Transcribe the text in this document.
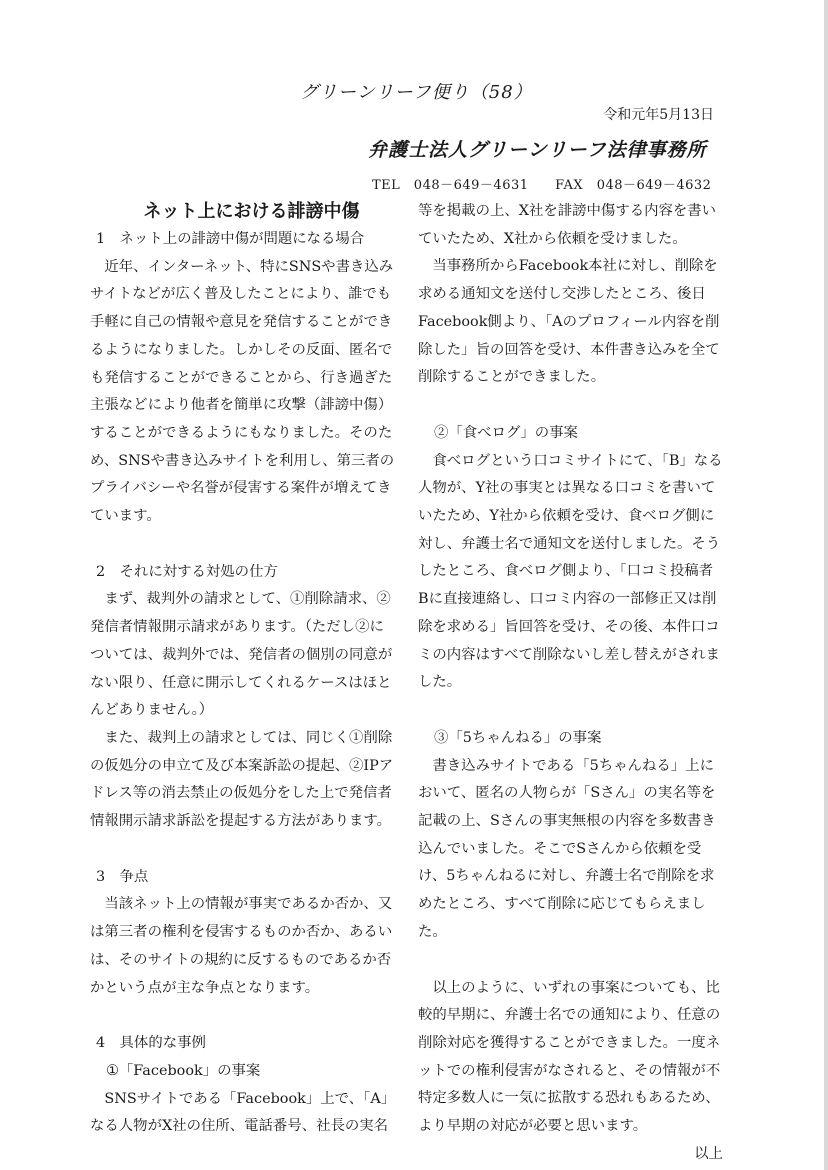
グリーンリーフ便り（58）
令和元年5月13日
弁護士法人グリーンリーフ法律事務所
TEL　048－649－4631 FAX　048－649－4632
ネット上における誹謗中傷
1　ネット上の誹謗中傷が問題になる場合

近年、インターネット、特にSNSや書き込みサイトなどが広く普及したことにより、誰でも手軽に自己の情報や意見を発信することができるようになりました。しかしその反面、匿名でも発信することができることから、行き過ぎた主張などにより他者を簡単に攻撃（誹謗中傷）することができるようにもなりました。そのため、SNSや書き込みサイトを利用し、第三者のプライバシーや名誉が侵害する案件が増えてきています。

2　それに対する対処の仕方

まず、裁判外の請求として、①削除請求、②発信者情報開示請求があります。（ただし②については、裁判外では、発信者の個別の同意がない限り、任意に開示してくれるケースはほとんどありません。）

また、裁判上の請求としては、同じく①削除の仮処分の申立て及び本案訴訟の提起、②IPアドレス等の消去禁止の仮処分をした上で発信者情報開示請求訴訟を提起する方法があります。

3　争点

当該ネット上の情報が事実であるか否か、又は第三者の権利を侵害するものか否か、あるいは、そのサイトの規約に反するものであるか否かという点が主な争点となります。

4　具体的な事例
①「Facebook」の事案

SNSサイトである「Facebook」上で、「A」なる人物がX社の住所、電話番号、社長の実名

等を掲載の上、X社を誹謗中傷する内容を書いていたため、X社から依頼を受けました。

当事務所からFacebook本社に対し、削除を求める通知文を送付し交渉したところ、後日Facebook側より、「Aのプロフィール内容を削除した」旨の回答を受け、本件書き込みを全て削除することができました。

②「食べログ」の事案

食べログという口コミサイトにて、「B」なる人物が、Y社の事実とは異なる口コミを書いていたため、Y社から依頼を受け、食べログ側に対し、弁護士名で通知文を送付しました。そうしたところ、食べログ側より、「口コミ投稿者Bに直接連絡し、口コミ内容の一部修正又は削除を求める」旨回答を受け、その後、本件口コミの内容はすべて削除ないし差し替えがされました。

③「5ちゃんねる」の事案

書き込みサイトである「5ちゃんねる」上において、匿名の人物らが「Sさん」の実名等を記載の上、Sさんの事実無根の内容を多数書き込んでいました。そこでSさんから依頼を受け、5ちゃんねるに対し、弁護士名で削除を求めたところ、すべて削除に応じてもらえました。

以上のように、いずれの事案についても、比較的早期に、弁護士名での通知により、任意の削除対応を獲得することができました。一度ネットでの権利侵害がなされると、その情報が不特定多数人に一気に拡散する恐れもあるため、より早期の対応が必要と思います。

以上
